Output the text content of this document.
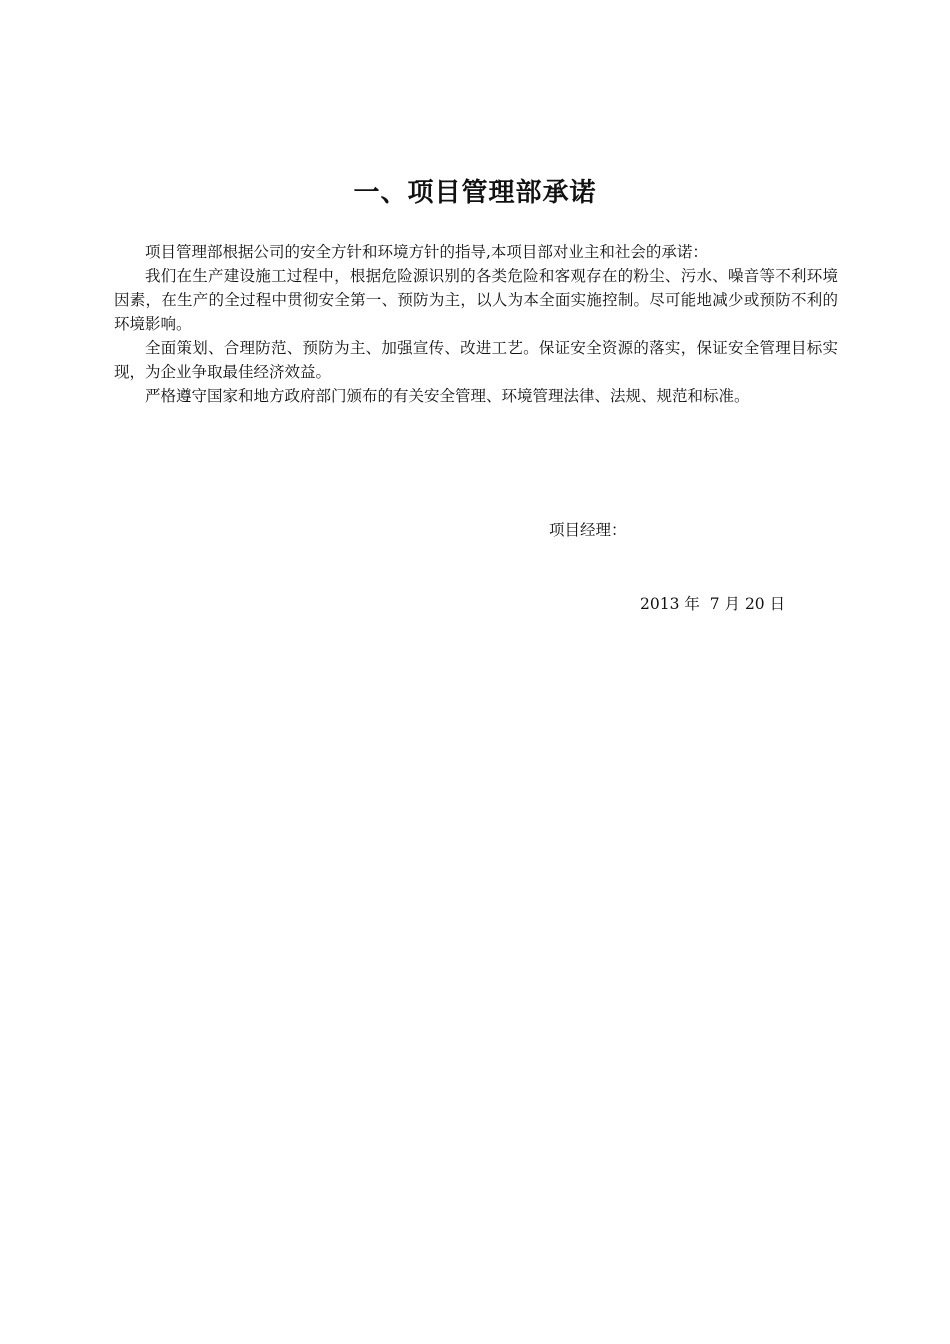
一、项目管理部承诺

项目管理部根据公司的安全方针和环境方针的指导,本项目部对业主和社会的承诺：

我们在生产建设施工过程中，根据危险源识别的各类危险和客观存在的粉尘、污水、噪音等不利环境因素，在生产的全过程中贯彻安全第一、预防为主，以人为本全面实施控制。尽可能地减少或预防不利的环境影响。

全面策划、合理防范、预防为主、加强宣传、改进工艺。保证安全资源的落实，保证安全管理目标实现，为企业争取最佳经济效益。

严格遵守国家和地方政府部门颁布的有关安全管理、环境管理法律、法规、规范和标准。

项目经理：
2013 年  7 月 20 日
